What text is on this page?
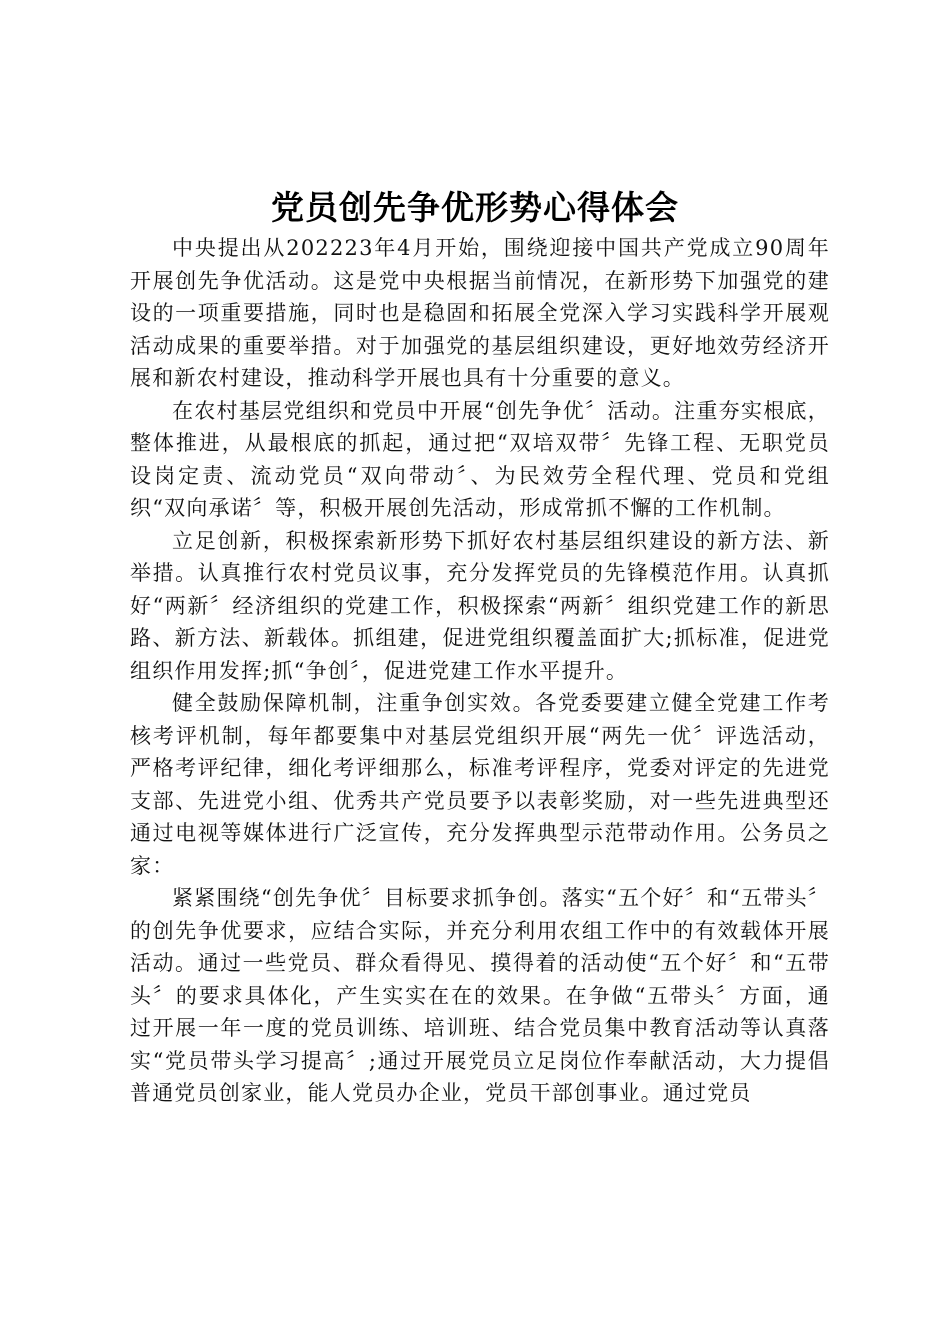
党员创先争优形势心得体会

中央提出从202223年4月开始，围绕迎接中国共产党成立90周年开展创先争优活动。这是党中央根据当前情况，在新形势下加强党的建设的一项重要措施，同时也是稳固和拓展全党深入学习实践科学开展观活动成果的重要举措。对于加强党的基层组织建设，更好地效劳经济开展和新农村建设，推动科学开展也具有十分重要的意义。

在农村基层党组织和党员中开展“创先争优〞活动。注重夯实根底，整体推进，从最根底的抓起，通过把“双培双带〞先锋工程、无职党员设岗定责、流动党员“双向带动〞、为民效劳全程代理、党员和党组织“双向承诺〞等，积极开展创先活动，形成常抓不懈的工作机制。

立足创新，积极探索新形势下抓好农村基层组织建设的新方法、新举措。认真推行农村党员议事，充分发挥党员的先锋模范作用。认真抓好“两新〞经济组织的党建工作，积极探索“两新〞组织党建工作的新思路、新方法、新载体。抓组建，促进党组织覆盖面扩大;抓标准，促进党组织作用发挥;抓“争创〞，促进党建工作水平提升。

健全鼓励保障机制，注重争创实效。各党委要建立健全党建工作考核考评机制，每年都要集中对基层党组织开展“两先一优〞评选活动，严格考评纪律，细化考评细那么，标准考评程序，党委对评定的先进党支部、先进党小组、优秀共产党员要予以表彰奖励，对一些先进典型还通过电视等媒体进行广泛宣传，充分发挥典型示范带动作用。公务员之家：

紧紧围绕“创先争优〞目标要求抓争创。落实“五个好〞和“五带头〞的创先争优要求，应结合实际，并充分利用农组工作中的有效载体开展活动。通过一些党员、群众看得见、摸得着的活动使“五个好〞和“五带头〞的要求具体化，产生实实在在的效果。在争做“五带头〞方面，通过开展一年一度的党员训练、培训班、结合党员集中教育活动等认真落实“党员带头学习提高〞;通过开展党员立足岗位作奉献活动，大力提倡普通党员创家业，能人党员办企业，党员干部创事业。通过党员
